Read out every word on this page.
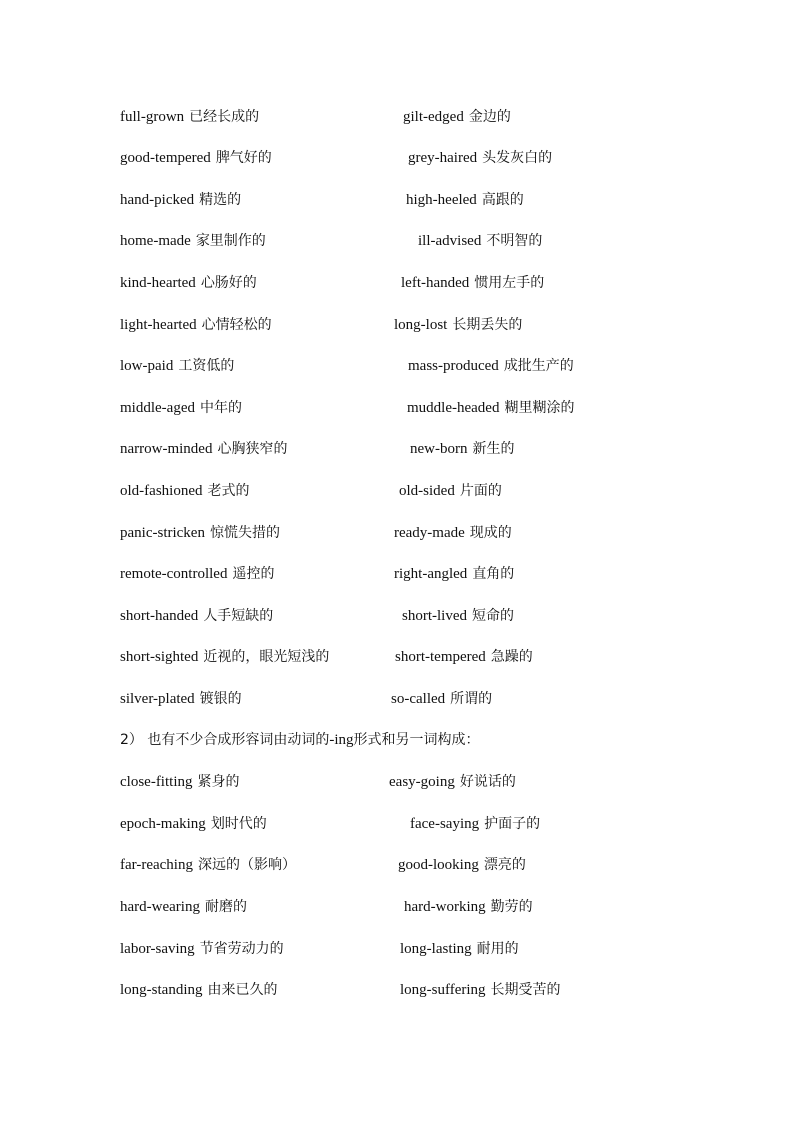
full-grown 已经长成的	gilt-edged 金边的
good-tempered 脾气好的	grey-haired 头发灰白的
hand-picked 精选的	high-heeled 高跟的
home-made 家里制作的	ill-advised 不明智的
kind-hearted 心肠好的	left-handed 惯用左手的
light-hearted 心情轻松的	long-lost 长期丢失的
low-paid 工资低的	mass-produced 成批生产的
middle-aged 中年的	muddle-headed 糊里糊涂的
narrow-minded 心胸狭窄的	new-born 新生的
old-fashioned 老式的	old-sided 片面的
panic-stricken 惊慌失措的	ready-made 现成的
remote-controlled 遥控的	right-angled 直角的
short-handed 人手短缺的	short-lived 短命的
short-sighted 近视的，眼光短浅的	short-tempered 急躁的
silver-plated 镀银的	so-called 所谓的
2） 也有不少合成形容词由动词的-ing形式和另一词构成：
close-fitting 紧身的	easy-going 好说话的
epoch-making 划时代的	face-saying 护面子的
far-reaching 深远的（影响）	good-looking 漂亮的
hard-wearing 耐磨的	hard-working 勤劳的
labor-saving 节省劳动力的	long-lasting 耐用的
long-standing 由来已久的	long-suffering 长期受苦的
